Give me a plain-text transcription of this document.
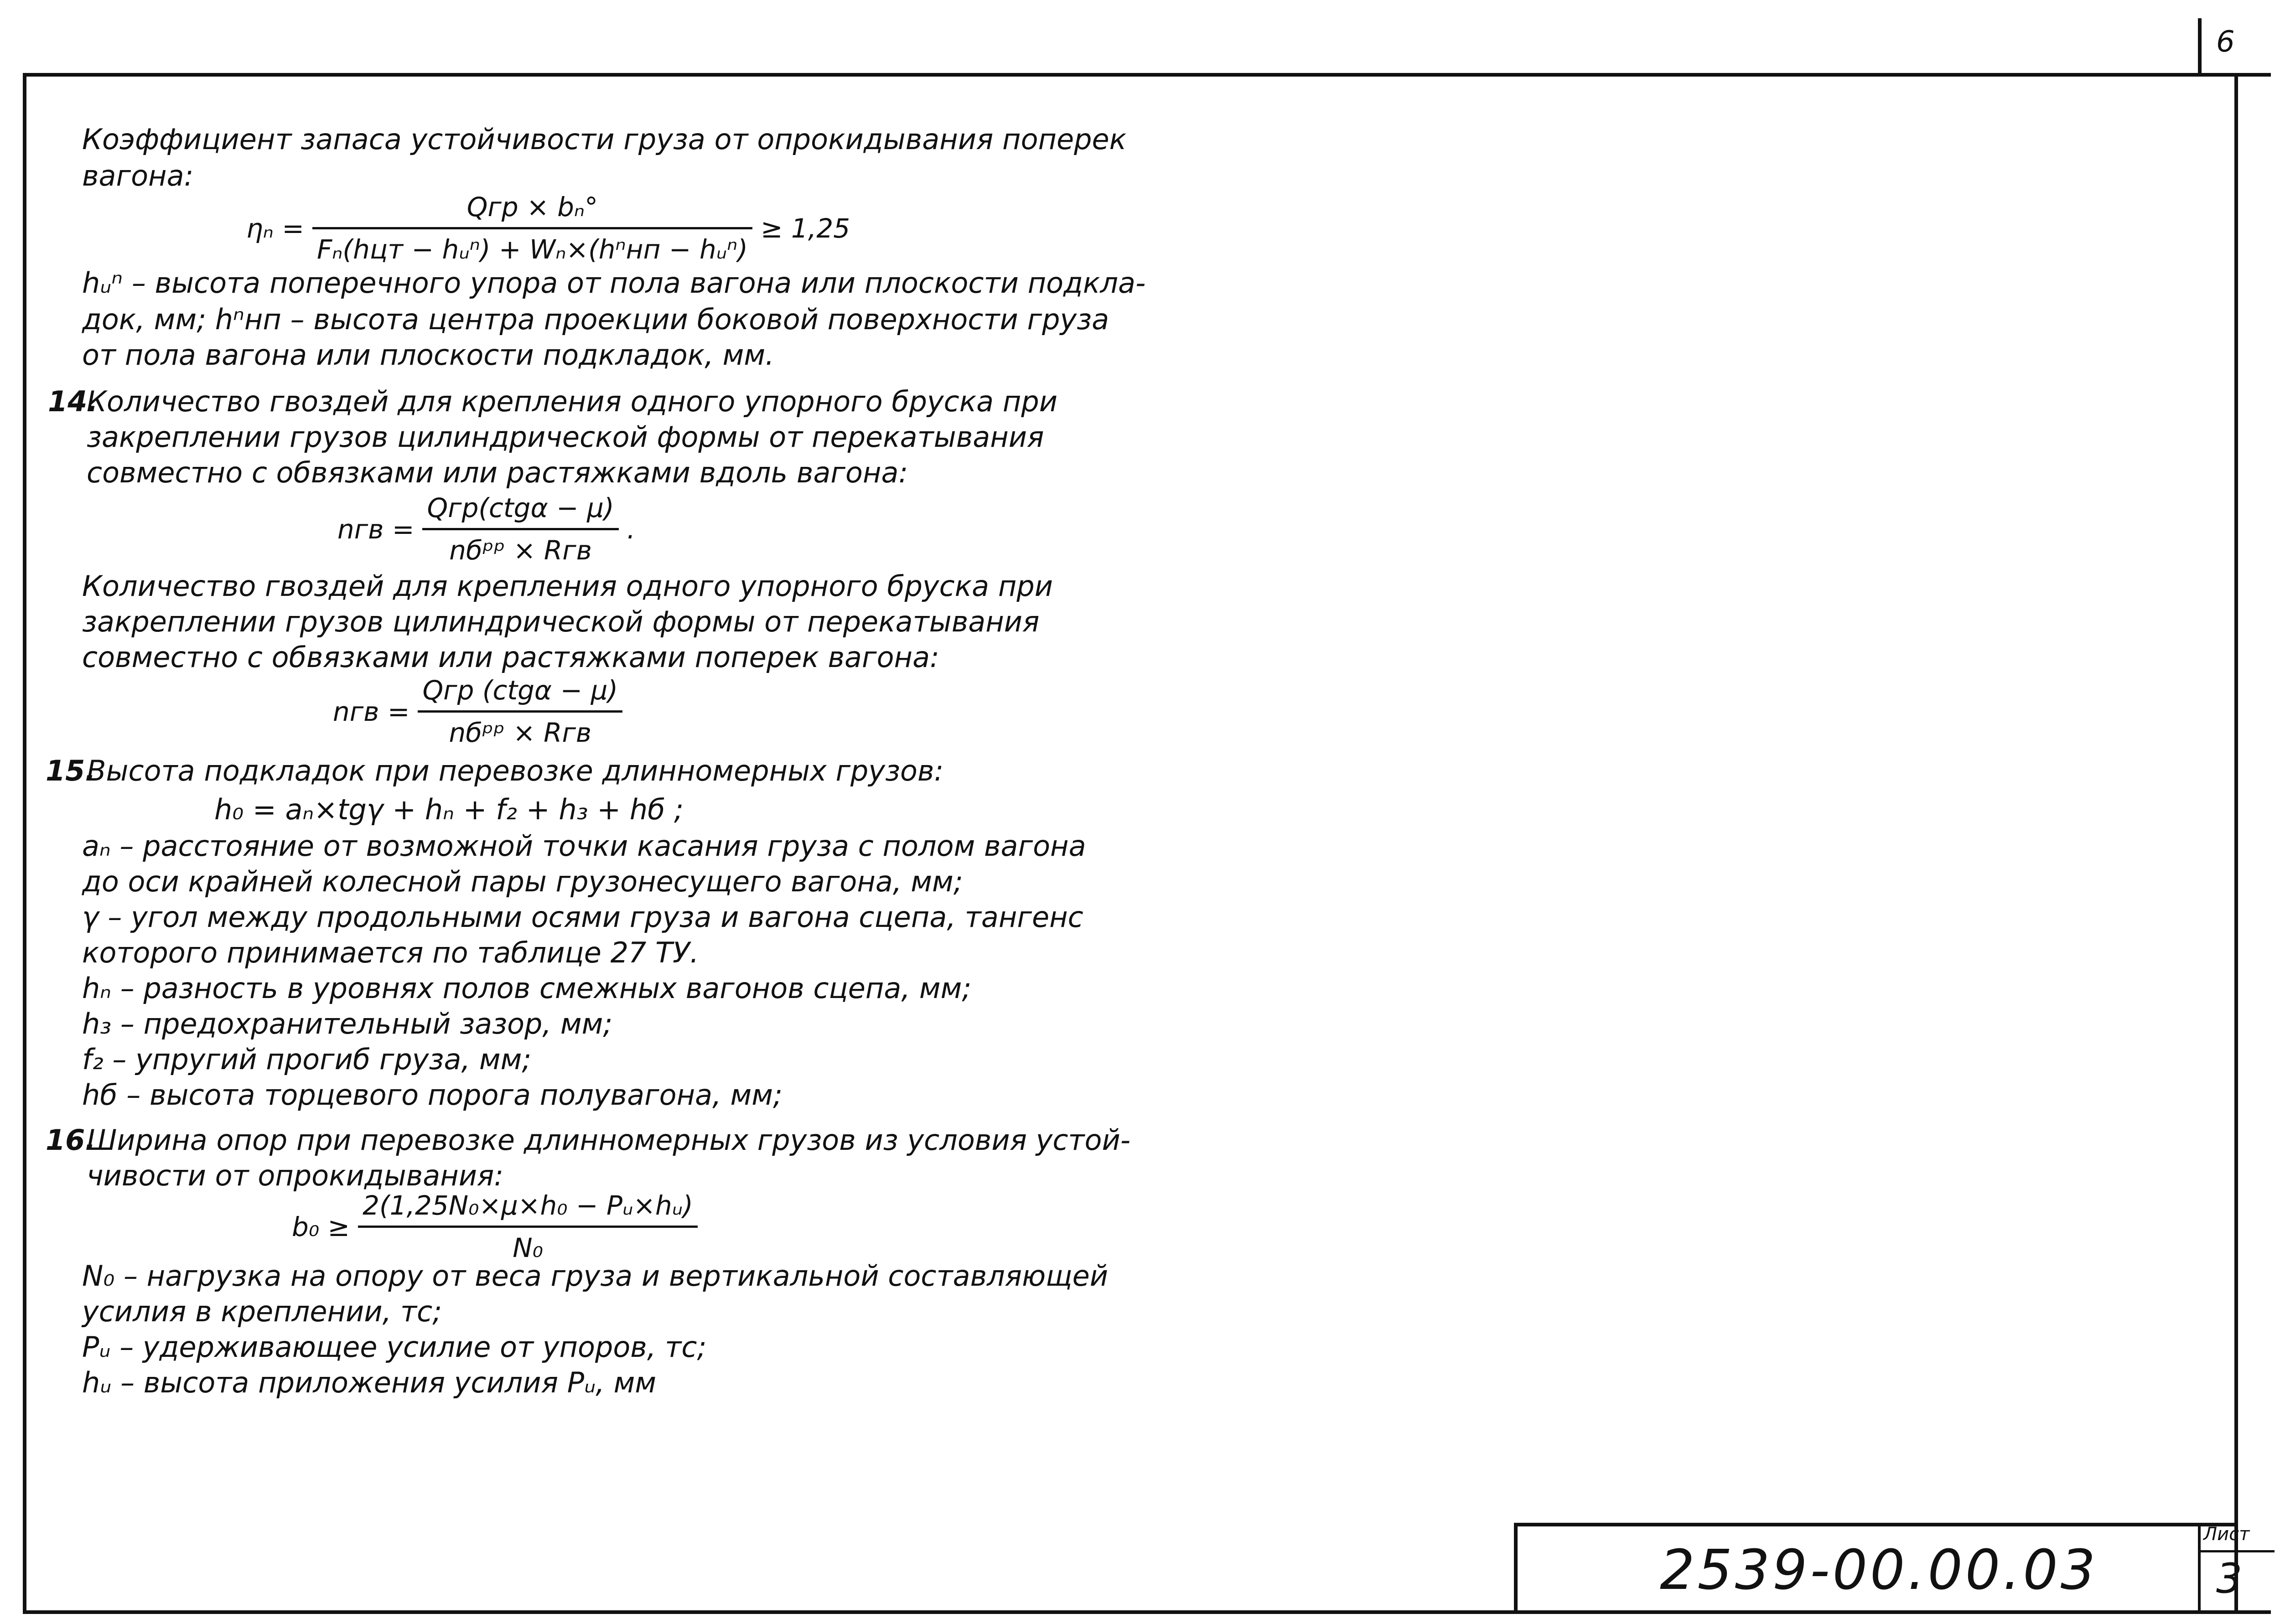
6
Коэффициент запаса устойчивости груза от опрокидывания поперек
вагона:
ηₙ =
Qгр × bₙ°
Fₙ(hцт − hᵤⁿ) + Wₙ×(hⁿнп − hᵤⁿ)
≥ 1,25
hᵤⁿ – высота поперечного упора от пола вагона или плоскости подкла-
док, мм; hⁿнп – высота центра проекции боковой поверхности груза
от пола вагона или плоскости подкладок, мм.
14.
Количество гвоздей для крепления одного упорного бруска при
закреплении грузов цилиндрической формы от перекатывания
совместно с обвязками или растяжками вдоль вагона:
nгв =
Qгр(ctgα − μ)
nбᵖᵖ × Rгв
.
Количество гвоздей для крепления одного упорного бруска при
закреплении грузов цилиндрической формы от перекатывания
совместно с обвязками или растяжками поперек вагона:
nгв =
Qгр (ctgα − μ)
nбᵖᵖ × Rгв
15.
Высота подкладок при перевозке длинномерных грузов:
h₀ = aₙ×tgγ + hₙ + f₂ + h₃ + hб ;
aₙ – расстояние от возможной точки касания груза с полом вагона
до оси крайней колесной пары грузонесущего вагона, мм;
γ – угол между продольными осями груза и вагона сцепа, тангенс
которого принимается по таблице 27 ТУ.
hₙ – разность в уровнях полов смежных вагонов сцепа, мм;
h₃ – предохранительный зазор, мм;
f₂ – упругий прогиб груза, мм;
hб – высота торцевого порога полувагона, мм;
16.
Ширина опор при перевозке длинномерных грузов из условия устой-
чивости от опрокидывания:
b₀ ≥
2(1,25N₀×μ×h₀ − Pᵤ×hᵤ)
N₀
N₀ – нагрузка на опору от веса груза и вертикальной составляющей
усилия в креплении, тс;
Pᵤ – удерживающее усилие от упоров, тс;
hᵤ – высота приложения усилия Pᵤ, мм
2539-00.00.03
Лист
3
